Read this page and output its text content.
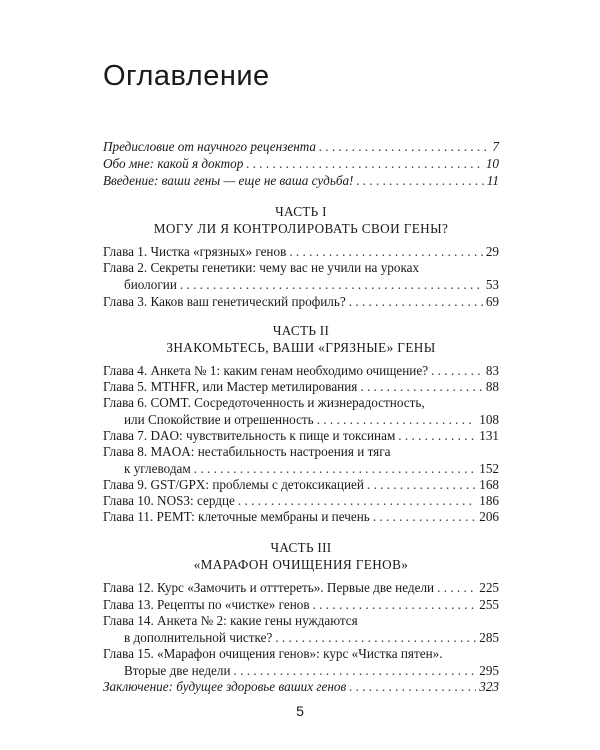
Оглавление
Предисловие от научного рецензента . . .	7
Обо мне: какой я доктор . . .	10
Введение: ваши гены — еще не ваша судьба! . . .	11
ЧАСТЬ I
МОГУ ЛИ Я КОНТРОЛИРОВАТЬ СВОИ ГЕНЫ?
Глава 1. Чистка «грязных» генов . . .	29
Глава 2. Секреты генетики: чему вас не учили на уроках
биологии . . .	53
Глава 3. Каков ваш генетический профиль? . . .	69
ЧАСТЬ II
ЗНАКОМЬТЕСЬ, ВАШИ «ГРЯЗНЫЕ» ГЕНЫ
Глава 4. Анкета № 1: каким генам необходимо очищение? . . .	83
Глава 5. MTHFR, или Мастер метилирования . . .	88
Глава 6. COMT. Сосредоточенность и жизнерадостность,
или Спокойствие и отрешенность . . .	108
Глава 7. DAO: чувствительность к пище и токсинам . . .	131
Глава 8. MAOA: нестабильность настроения и тяга
к углеводам . . .	152
Глава 9. GST/GPX: проблемы с детоксикацией . . .	168
Глава 10. NOS3: сердце . . .	186
Глава 11. PEMT: клеточные мембраны и печень . . .	206
ЧАСТЬ III
«МАРАФОН ОЧИЩЕНИЯ ГЕНОВ»
Глава 12. Курс «Замочить и отттереть». Первые две недели . . .	225
Глава 13. Рецепты по «чистке» генов . . .	255
Глава 14. Анкета № 2: какие гены нуждаются
в дополнительной чистке? . . .	285
Глава 15. «Марафон очищения генов»: курс «Чистка пятен».
Вторые две недели . . .	295
Заключение: будущее здоровье ваших генов . . .	323
5
